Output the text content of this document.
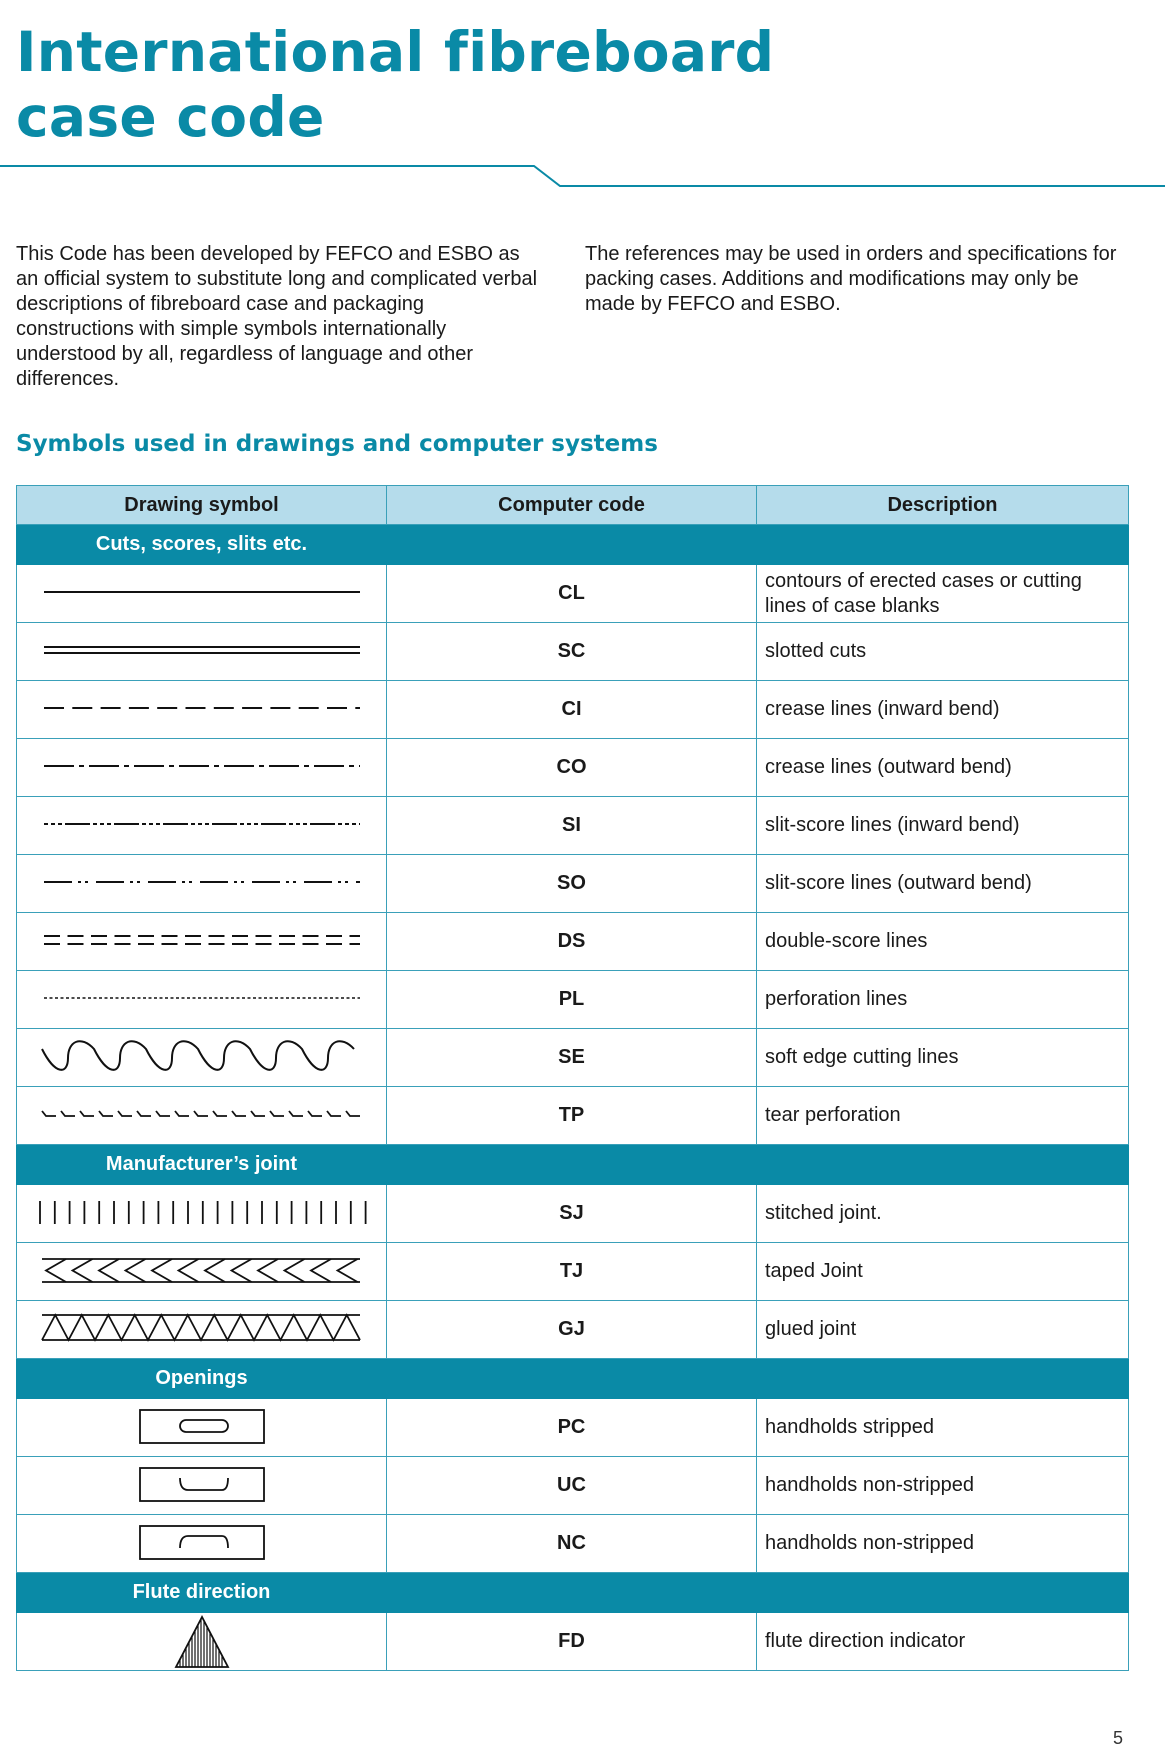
International fibreboard
case code

This Code has been developed by FEFCO and ESBO as an official system to substitute long and complicated verbal descriptions of fibreboard case and packaging constructions with simple symbols internationally understood by all, regardless of language and other differences.

The references may be used in orders and specifications for packing cases. Additions and modifications may only be made by FEFCO and ESBO.

Symbols used in drawings and computer systems
Drawing symbol	Computer code	Description
Cuts, scores, slits etc.		

	CL	contours of erected cases or cutting lines of case blanks

	SC	slotted cuts

	CI	crease lines (inward bend)

	CO	crease lines (outward bend)

	SI	slit-score lines (inward bend)

	SO	slit-score lines (outward bend)

	DS	double-score lines

	PL	perforation lines

	SE	soft edge cutting lines

	TP	tear perforation
Manufacturer’s joint		

	SJ	stitched joint.

	TJ	taped Joint

	GJ	glued joint
Openings		

	PC	handholds stripped

	UC	handholds non-stripped

	NC	handholds non-stripped
Flute direction		

	FD	flute direction indicator
5
